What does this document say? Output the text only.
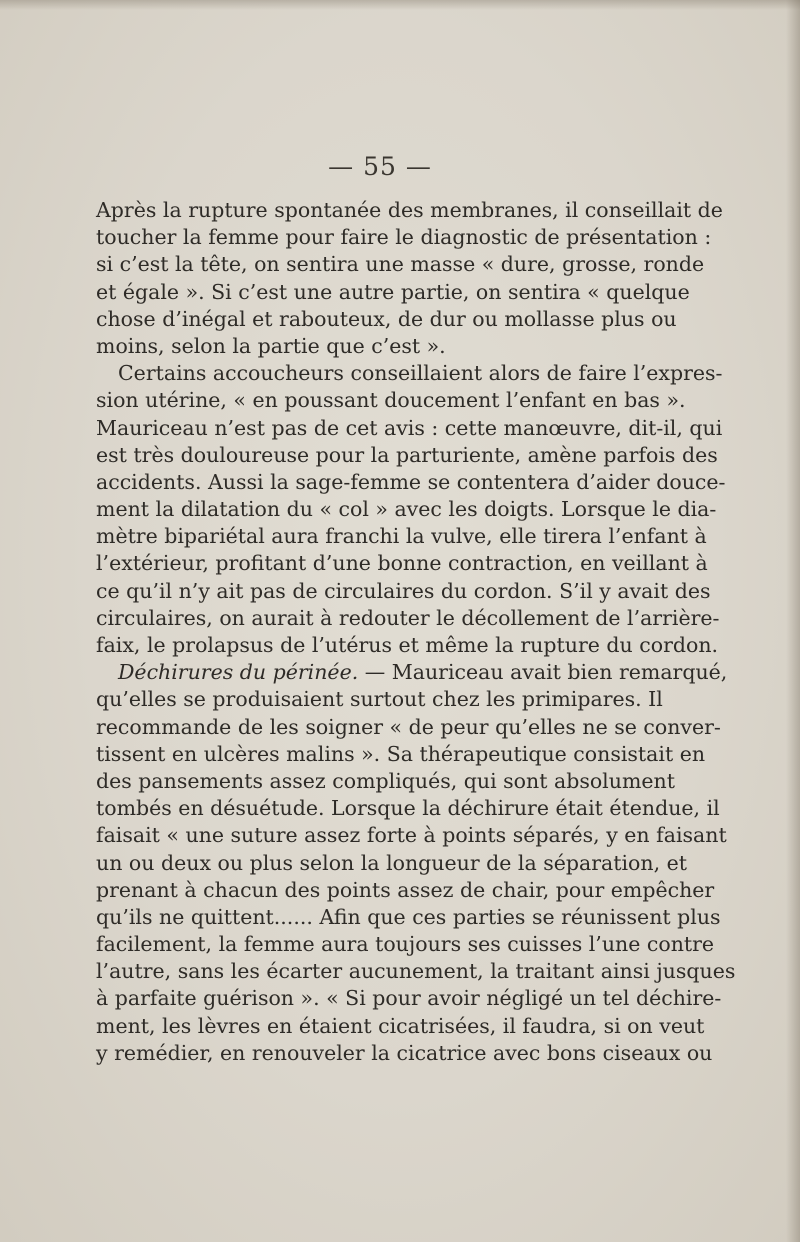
— 55 —
Après la rupture spontanée des membranes, il conseillait de
toucher la femme pour faire le diagnostic de présentation :
si c’est la tête, on sentira une masse « dure, grosse, ronde
et égale ». Si c’est une autre partie, on sentira « quelque
chose d’inégal et rabouteux, de dur ou mollasse plus ou
moins, selon la partie que c’est ».
Certains accoucheurs conseillaient alors de faire l’expres-
sion utérine, « en poussant doucement l’enfant en bas ».
Mauriceau n’est pas de cet avis : cette manœuvre, dit-il, qui
est très douloureuse pour la parturiente, amène parfois des
accidents. Aussi la sage-femme se contentera d’aider douce-
ment la dilatation du « col » avec les doigts. Lorsque le dia-
mètre bipariétal aura franchi la vulve, elle tirera l’enfant à
l’extérieur, profitant d’une bonne contraction, en veillant à
ce qu’il n’y ait pas de circulaires du cordon. S’il y avait des
circulaires, on aurait à redouter le décollement de l’arrière-
faix, le prolapsus de l’utérus et même la rupture du cordon.
Déchirures du périnée. — Mauriceau avait bien remarqué,
qu’elles se produisaient surtout chez les primipares. Il
recommande de les soigner « de peur qu’elles ne se conver-
tissent en ulcères malins ». Sa thérapeutique consistait en
des pansements assez compliqués, qui sont absolument
tombés en désuétude. Lorsque la déchirure était étendue, il
faisait « une suture assez forte à points séparés, y en faisant
un ou deux ou plus selon la longueur de la séparation, et
prenant à chacun des points assez de chair, pour empêcher
qu’ils ne quittent...... Afin que ces parties se réunissent plus
facilement, la femme aura toujours ses cuisses l’une contre
l’autre, sans les écarter aucunement, la traitant ainsi jusques
à parfaite guérison ». « Si pour avoir négligé un tel déchire-
ment, les lèvres en étaient cicatrisées, il faudra, si on veut
y remédier, en renouveler la cicatrice avec bons ciseaux ou
